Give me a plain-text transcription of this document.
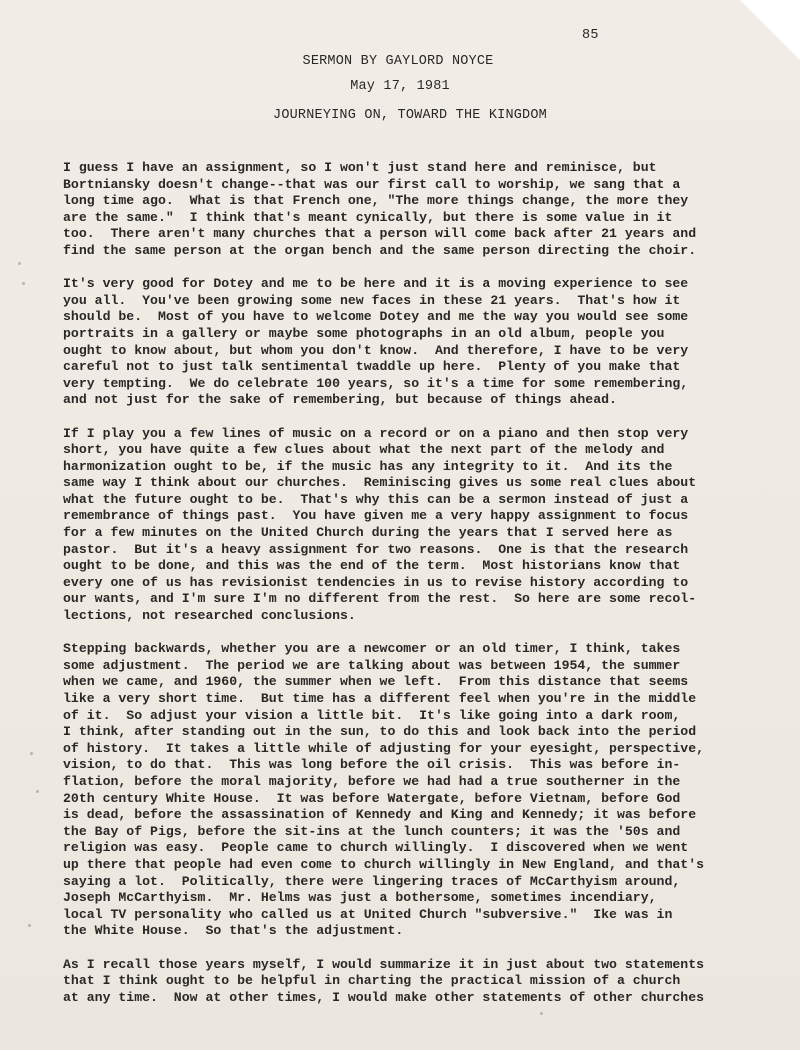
85
SERMON BY GAYLORD NOYCE
May 17, 1981
JOURNEYING ON, TOWARD THE KINGDOM
I guess I have an assignment, so I won't just stand here and reminisce, but
Bortniansky doesn't change--that was our first call to worship, we sang that a
long time ago.  What is that French one, "The more things change, the more they
are the same."  I think that's meant cynically, but there is some value in it
too.  There aren't many churches that a person will come back after 21 years and
find the same person at the organ bench and the same person directing the choir.
It's very good for Dotey and me to be here and it is a moving experience to see
you all.  You've been growing some new faces in these 21 years.  That's how it
should be.  Most of you have to welcome Dotey and me the way you would see some
portraits in a gallery or maybe some photographs in an old album, people you
ought to know about, but whom you don't know.  And therefore, I have to be very
careful not to just talk sentimental twaddle up here.  Plenty of you make that
very tempting.  We do celebrate 100 years, so it's a time for some remembering,
and not just for the sake of remembering, but because of things ahead.
If I play you a few lines of music on a record or on a piano and then stop very
short, you have quite a few clues about what the next part of the melody and
harmonization ought to be, if the music has any integrity to it.  And its the
same way I think about our churches.  Reminiscing gives us some real clues about
what the future ought to be.  That's why this can be a sermon instead of just a
remembrance of things past.  You have given me a very happy assignment to focus
for a few minutes on the United Church during the years that I served here as
pastor.  But it's a heavy assignment for two reasons.  One is that the research
ought to be done, and this was the end of the term.  Most historians know that
every one of us has revisionist tendencies in us to revise history according to
our wants, and I'm sure I'm no different from the rest.  So here are some recol-
lections, not researched conclusions.
Stepping backwards, whether you are a newcomer or an old timer, I think, takes
some adjustment.  The period we are talking about was between 1954, the summer
when we came, and 1960, the summer when we left.  From this distance that seems
like a very short time.  But time has a different feel when you're in the middle
of it.  So adjust your vision a little bit.  It's like going into a dark room,
I think, after standing out in the sun, to do this and look back into the period
of history.  It takes a little while of adjusting for your eyesight, perspective,
vision, to do that.  This was long before the oil crisis.  This was before in-
flation, before the moral majority, before we had had a true southerner in the
20th century White House.  It was before Watergate, before Vietnam, before God
is dead, before the assassination of Kennedy and King and Kennedy; it was before
the Bay of Pigs, before the sit-ins at the lunch counters; it was the '50s and
religion was easy.  People came to church willingly.  I discovered when we went
up there that people had even come to church willingly in New England, and that's
saying a lot.  Politically, there were lingering traces of McCarthyism around,
Joseph McCarthyism.  Mr. Helms was just a bothersome, sometimes incendiary,
local TV personality who called us at United Church "subversive."  Ike was in
the White House.  So that's the adjustment.
As I recall those years myself, I would summarize it in just about two statements
that I think ought to be helpful in charting the practical mission of a church
at any time.  Now at other times, I would make other statements of other churches
